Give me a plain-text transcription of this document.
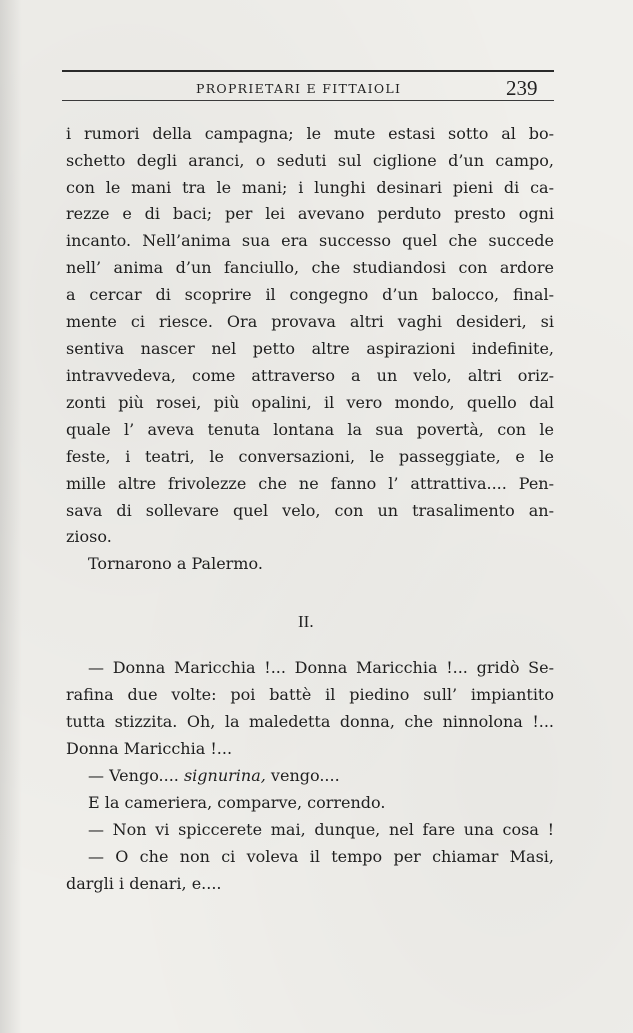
PROPRIETARI E FITTAIOLI	239
i rumori della campagna; le mute estasi sotto al bo-
schetto degli aranci, o seduti sul ciglione d’un campo,
con le mani tra le mani; i lunghi desinari pieni di ca-
rezze e di baci; per lei avevano perduto presto ogni
incanto. Nell’anima sua era successo quel che succede
nell’ anima d’un fanciullo, che studiandosi con ardore
a cercar di scoprire il congegno d’un balocco, final-
mente ci riesce. Ora provava altri vaghi desideri, si
sentiva nascer nel petto altre aspirazioni indefinite,
intravvedeva, come attraverso a un velo, altri oriz-
zonti più rosei, più opalini, il vero mondo, quello dal
quale l’ aveva tenuta lontana la sua povertà, con le
feste, i teatri, le conversazioni, le passeggiate, e le
mille altre frivolezze che ne fanno l’ attrattiva.... Pen-
sava di sollevare quel velo, con un trasalimento an-
zioso.
Tornarono a Palermo.
II.
— Donna Maricchia !... Donna Maricchia !... gridò Se-
rafina due volte: poi battè il piedino sull’ impiantito
tutta stizzita. Oh, la maledetta donna, che ninnolona !...
Donna Maricchia !...
— Vengo.... signurina, vengo....
E la cameriera, comparve, correndo.
— Non vi spiccerete mai, dunque, nel fare una cosa !
— O che non ci voleva il tempo per chiamar Masi,
dargli i denari, e....
